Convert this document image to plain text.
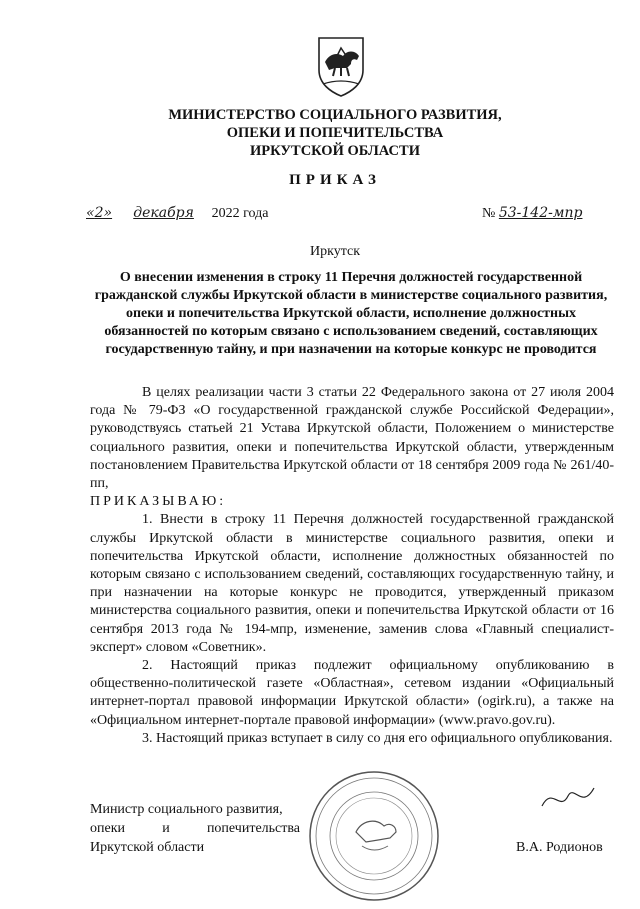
МИНИСТЕРСТВО СОЦИАЛЬНОГО РАЗВИТИЯ,
ОПЕКИ И ПОПЕЧИТЕЛЬСТВА
ИРКУТСКОЙ ОБЛАСТИ
ПРИКАЗ
«2» декабря 2022 года	№ 53-142-мпр
Иркутск
О внесении изменения в строку 11 Перечня должностей государственной гражданской службы Иркутской области в министерстве социального развития, опеки и попечительства Иркутской области, исполнение должностных обязанностей по которым связано с использованием сведений, составляющих государственную тайну, и при назначении на которые конкурс не проводится

В целях реализации части 3 статьи 22 Федерального закона от 27 июля 2004 года № 79-ФЗ «О государственной гражданской службе Российской Федерации», руководствуясь статьей 21 Устава Иркутской области, Положением о министерстве социального развития, опеки и попечительства Иркутской области, утвержденным постановлением Правительства Иркутской области от 18 сентября 2009 года № 261/40-пп,

ПРИКАЗЫВАЮ:

1. Внести в строку 11 Перечня должностей государственной гражданской службы Иркутской области в министерстве социального развития, опеки и попечительства Иркутской области, исполнение должностных обязанностей по которым связано с использованием сведений, составляющих государственную тайну, и при назначении на которые конкурс не проводится, утвержденный приказом министерства социального развития, опеки и попечительства Иркутской области от 16 сентября 2013 года № 194-мпр, изменение, заменив слова «Главный специалист-эксперт» словом «Советник».

2. Настоящий приказ подлежит официальному опубликованию в общественно-политической газете «Областная», сетевом издании «Официальный интернет-портал правовой информации Иркутской области» (ogirk.ru), а также на «Официальном интернет-портале правовой информации» (www.pravo.gov.ru).

3. Настоящий приказ вступает в силу со дня его официального опубликования.

Министр социального развития,
опеки	и	попечительства
Иркутской области	В.А. Родионов
